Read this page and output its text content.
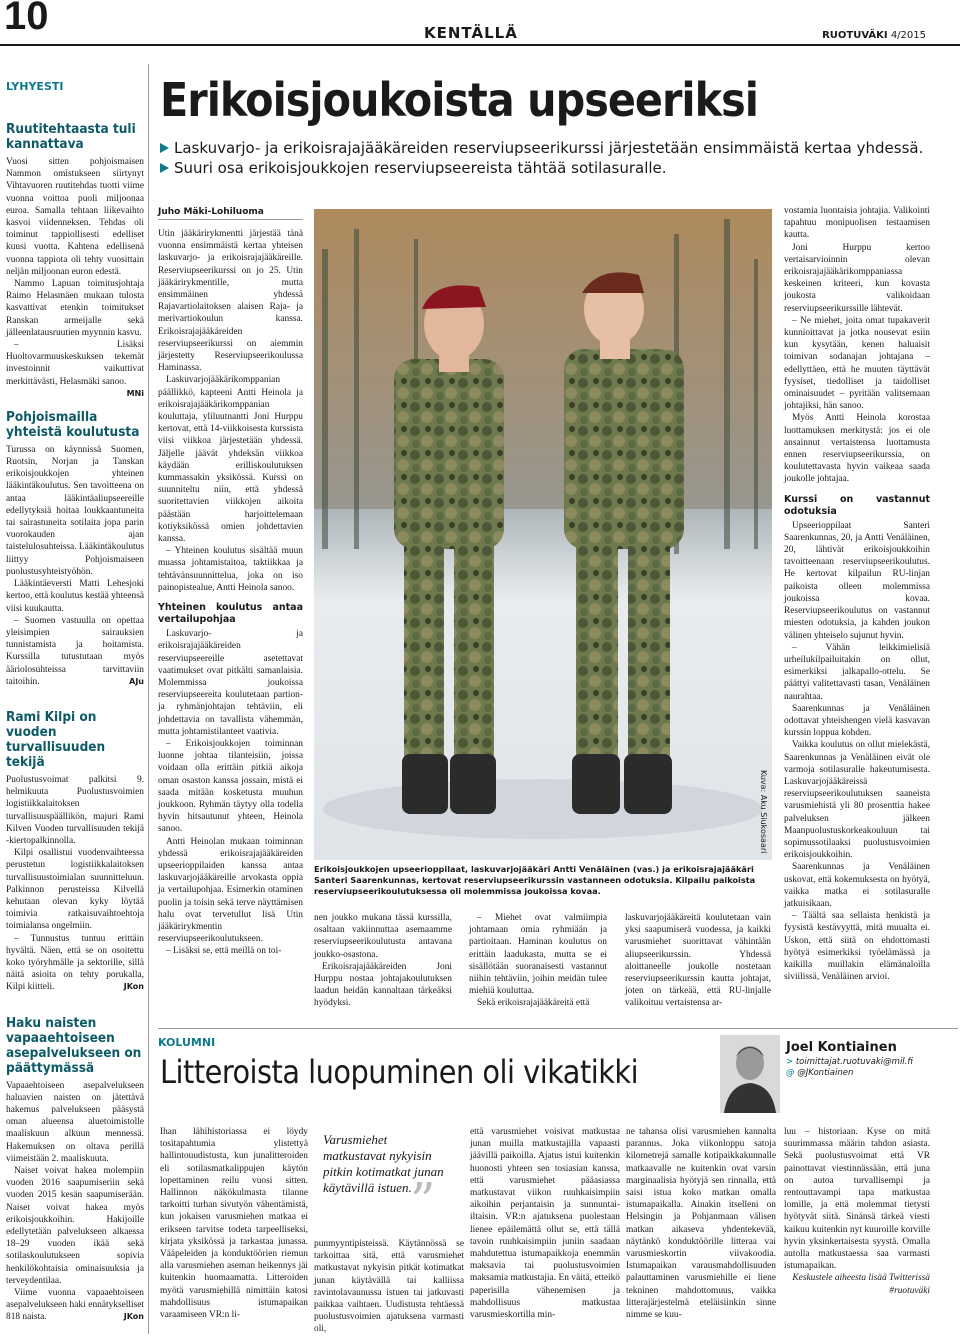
10	KENTÄLLÄ	RUOTUVÄKI 4/2015
LYHYESTI
Ruutitehtaasta tuli kannattava

Vuosi sitten pohjoismaisen Nammon omistukseen siirtynyt Vihtavuoren ruutitehdas tuotti viime vuonna voittoa puoli miljoonaa euroa. Samalla tehtaan liikevaihto kasvoi viidenneksen. Tehdas oli toiminut tappiollisesti edelliset kuusi vuotta. Kahtena edellisenä vuonna tappiota oli tehty vuosittain neljän miljoonan euron edestä.

Nammo Lapuan toimitusjohtaja Raimo Helasmäen mukaan tulosta kasvattivat etenkin toimitukset Ranskan armeijalle sekä jälleenlatausruutien myynnin kasvu.

– Lisäksi Huoltovarmuuskeskuksen tekemät investoinnit vaikuttivat merkittävästi, Helasmäki sanoo.
MNi

Pohjoismailla yhteistä koulutusta

Turussa on käynnissä Suomen, Ruotsin, Norjan ja Tanskan erikoisjoukkojen yhteinen lääkintäkoulutus. Sen tavoitteena on antaa lääkintäaliupseereille edellytyksiä hoitaa loukkaantuneita tai sairastuneita sotilaita jopa parin vuorokauden ajan taistelulosuhteissa. Lääkintäkoulutus liittyy Pohjoismaiseen puolustusyhteistyöhön.

Lääkintäeversti Matti Lehesjoki kertoo, että koulutus kestää yhteensä viisi kuukautta.

– Suomen vastuulla on opettaa yleisimpien sairauksien tunnistamista ja hoitamista. Kurssilla tutustutaan myös ääriolosuhteissa tarvittaviin taitoihin.	AJu

Rami Kilpi on vuoden turvallisuuden tekijä

Puolustusvoimat palkitsi 9. helmikuuta Puolustusvoimien logistiikkalaitoksen turvallisuuspäällikön, majuri Rami Kilven Vuoden turvallisuuden tekijä -kiertopalkinnolla.

Kilpi osallistui vuodenvaihteessa perustetun logistiikkalaitoksen turvallisuustoimialan suunnitteluun. Palkinnon perusteissa Kilvellä kehutaan olevan kyky löytää toimivia ratkaisuvaihtoehtoja toimialansa ongelmiin.

– Tunnustus tuntuu erittäin hyvältä. Näen, että se on osoitettu koko työryhmälle ja sektorille, sillä näitä asioita on tehty porukalla, Kilpi kiitteli.	JKon

Haku naisten vapaaehtoiseen asepalvelukseen on päättymässä

Vapaaehtoiseen asepalvelukseen haluavien naisten on jätettävä hakemus palvelukseen pääsystä oman alueensa aluetoimistolle maaliskuun alkuun mennessä. Hakemuksen on oltava perillä viimeistään 2. maaliskuuta.

Naiset voivat hakea molempiin vuoden 2016 saapumiseriin sekä vuoden 2015 kesän saapumiserään. Naiset voivat hakea myös erikoisjoukkoihin. Hakijoille edellytetään palvelukseen alkaessa 18–29 vuoden ikää sekä sotilaskoulutukseen sopivia henkilökohtaisia ominaisuuksia ja terveydentilaa.

Viime vuonna vapaaehtoiseen asepalvelukseen haki ennätykselliset 818 naista.	JKon

Erikoisjoukoista upseeriksi
Laskuvarjo- ja erikoisrajajääkäreiden reserviupseerikurssi järjestetään ensimmäistä kertaa yhdessä.
Suuri osa erikoisjoukkojen reserviupseereista tähtää sotilasuralle.
Juho Mäki-Lohiluoma

Utin jääkärirykmentti järjestää tänä vuonna ensimmäistä kertaa yhteisen laskuvarjo- ja erikoisrajajääkäreille. Reserviupseerikurssi on jo 25. Utin jääkärirykmentille, mutta ensimmäinen yhdessä Rajavartiolaitoksen alaisen Raja- ja merivartiokoulun kanssa. Erikoisrajajääkäreiden reserviupseerikurssi on aiemmin järjestetty Reserviupseerikoulussa Haminassa.

Laskuvarjojääkärikomppanian päällikkö, kapteeni Antti Heinola ja erikoisrajajääkärikomppanian kouluttaja, yliluutnantti Joni Hurppu kertovat, että 14-viikkoisesta kurssista viisi viikkoa järjestetään yhdessä. Jäljelle jäävät yhdeksän viikkoa käydään erilliskoulutuksen kummassakin yksikössä. Kurssi on suunniteltu niin, että yhdessä suoritettavien viikkojen aikoita päästään harjoittelemaan kotiyksikössä omien johdettavien kanssa.

– Yhteinen koulutus sisältää muun muassa johtamistaitoa, taktiikkaa ja tehtävänsuunnittelua, joka on iso painopistealue, Antti Heinola sanoo.

Yhteinen koulutus antaa vertailupohjaa

Laskuvarjo- ja erikoisrajajääkäreiden reserviupseereille asetettavat vaatimukset ovat pitkälti samanlaisia. Molemmissa joukoissa reserviupseereita koulutetaan partion- ja ryhmänjohtajan tehtäviin, eli johdettavia on tavallista vähemmän, mutta johtamistilanteet vaativia.

– Erikoisjoukkojen toiminnan luonne johtaa tilanteisiin, joissa voidaan olla erittäin pitkiä aikoja oman osaston kanssa jossain, mistä ei saada mitään kosketusta muuhun joukkoon. Ryhmän täytyy olla todella hyvin hitsautunut yhteen, Heinola sanoo.

Antti Heinolan mukaan toiminnan yhdessä erikoisrajajääkäreiden upseerioppilaiden kanssa antaa laskuvarjojääkäreille arvokasta oppia ja vertailupohjaa. Esimerkin otaminen puolin ja toisin sekä terve näyttämisen halu ovat tervetullut lisä Utin jääkärirykmentin reserviupseerikoulutukseen.

– Lisäksi se, että meillä on toi-

Kuva: Aku Siukosaari
Erikoisjoukkojen upseerioppilaat, laskuvarjojääkäri Antti Venäläinen (vas.) ja erikoisrajajääkäri Santeri Saarenkunnas, kertovat reserviupseerikurssin vastanneen odotuksia. Kilpailu paikoista reserviupseerikoulutuksessa oli molemmissa joukoissa kovaa.

nen joukko mukana tässä kurssilla, osaltaan vakiinnuttaa asemaamme reserviupseerikoulutusta antavana joukko-osastona.

Erikoisrajajääkäreiden Joni Hurppu nostaa johtajakoulutuksen laadun heidän kannaltaan tärkeäksi hyödyksi.

– Miehet ovat valmiimpia johtamaan omia ryhmiään ja partioitaan. Haminan koulutus on erittäin laadukasta, mutta se ei sisällötään suoranaisesti vastannut niihin tehtäviin, joihin meidän tulee miehiä kouluttaa.

Sekä erikoisrajajääkäreitä että

laskuvarjojääkäreitä koulutetaan vain yksi saapumiserä vuodessa, ja kaikki varusmiehet suorittavat vähintään aliupseerikurssin. Yhdessä aloittaneelle joukolle nostetaan reserviupseerikurssin kautta johtajat, joten on tärkeää, että RU-linjalle valikoituu vertaistensa ar-

vostamia luontaisia johtajia. Valikointi tapahtuu monipuolisen testaamisen kautta.

Joni Hurppu kertoo vertaisarvioinnin olevan erikoisrajajääkärikomppaniassa keskeinen kriteeri, kun kovasta joukosta valikoidaan reserviupseerikurssille lähtevät.

– Ne miehet, joita omat tupakaverit kunnioittavat ja jotka nousevat esiin kun kysytään, kenen haluaisit toimivan sodanajan johtajana – edellyttäen, että he muuten täyttävät fyysiset, tiedolliset ja taidolliset ominaisuudet – pyritään valitsemaan johtajiksi, hän sanoo.

Myös Antti Heinola korostaa luottamuksen merkitystä: jos ei ole ansainnut vertaistensa luottamusta ennen reserviupseerikurssia, on koulutettavasta hyvin vaikeaa saada joukolle johtajaa.

Kurssi on vastannut odotuksia

Upseerioppilaat Santeri Saarenkunnas, 20, ja Antti Venäläinen, 20, lähtivät erikoisjoukkoihin tavoitteenaan reserviupseerikoulutus. He kertovat kilpailun RU-linjan paikoista olleen molemmissa joukoissa kovaa. Reserviupseerikoulutus on vastannut miesten odotuksia, ja kahden joukon välinen yhteiselo sujunut hyvin.

– Vähän leikkimielisiä urheilukilpailuitakin on ollut, esimerkiksi jalkapallo-ottelu. Se päättyi valitettavasti tasan, Venäläinen naurahtaa.

Saarenkunnas ja Venäläinen odottavat yhteishengen vielä kasvavan kurssin loppua kohden.

Vaikka koulutus on ollut mielekästä, Saarenkunnas ja Venäläinen eivät ole varmoja sotilasuralle hakeutumisesta. Laskuvarjojääkäreissä reserviupseerikoulutuksen saaneista varusmiehistä yli 80 prosenttia hakee palveluksen jälkeen Maanpuolustuskorkeakouluun tai sopimussotilaaksi puolustusvoimien erikoisjoukkoihin.

Saarenkunnas ja Venäläinen uskovat, että kokemuksesta on hyötyä, vaikka matka ei sotilasuralle jatkuisikaan.

– Täältä saa sellaista henkistä ja fyysistä kestävyyttä, mitä muualta ei. Uskon, että siitä on ehdottomasti hyötyä esimerkiksi työelämässä ja kaikilla muillakin elämänaloilla siviilissä, Venäläinen arvioi.

KOLUMNI
Litteroista luopuminen oli vikatikki
Joel Kontiainen
> toimittajat.ruotuvaki@mil.fi
@ @JKontiainen

Ihan lähihistoriassa ei löydy tositapahtumia ylistettyä hallintouudistusta, kun junalitteroiden eli sotilasmatkalippujen käytön lopettaminen reilu vuosi sitten. Hallinnon näkökulmasta tilanne tarkoitti turhan sivutyön vähentämistä, kun jokaisen varusmiehen matkaa ei erikseen tarvitse todeta tarpeelliseksi, kirjata yksikössä ja tarkastaa junassa. Vääpeleiden ja konduktöörien riemun alla varusmiehen aseman heikennys jäi kuitenkin huomaamatta. Litteroiden myötä varusmiehillä nimittäin katosi mahdollisuus istumapaikan varaamiseen VR:n li-

Varusmiehet matkustavat nykyisin pitkin kotimatkat junan käytävillä istuen.
”

punmyyntipisteissä. Käytännössä se tarkoittaa sitä, että varusmiehet matkustavat nykyisin pitkät kotimatkat junan käytävällä tai kalliissa ravintolavaunussa istuen tai jatkuvasti paikkaa vaihtaen. Uudistusta tehtäessä puolustusvoimien ajatuksena varmasti oli,

että varusmiehet voisivat matkustaa junan muilla matkustajilla vapaasti jäävillä paikoilla. Ajatus istui kuitenkin huonosti yhteen sen tosiasian kanssa, että varusmiehet pääasiassa matkustavat viikon ruuhkaisimpiin aikoihin perjantaisin ja sunnuntai-iltaisin. VR:n ajatuksena puolestaan lienee epäilemättä ollut se, että tällä tavoin ruuhkaisimpiin juniin saadaan mahdutettua istumapaikkoja enemmän maksavia tai puolustusvoimien maksamia matkustajia. En väitä, etteikö paperisilla vähenemisen ja mahdollisuus matkustaa varusmieskortilla min-

ne tahansa olisi varusmiehen kannalta parannus. Joka viikonloppu satoja kilometrejä samalle kotipaikkakunnalle matkaavalle ne kuitenkin ovat varsin marginaalisia hyötyjä sen rinnalla, että saisi istua koko matkan omalla istumapaikalla. Ainakin itselleni on Helsingin ja Pohjanmaan välisen matkan aikaseva yhdentekevää, näytänkö konduktöörille litteraa vai varusmieskortin viivakoodia. Istumapaikan varausmahdollisuuden palauttaminen varusmiehille ei liene tekninen mahdottomuus, vaikka litterajärjestelmä eteläisiinkin sinne nimme se kuu-

luu – historiaan. Kyse on mitä suurimmassa määrin tahdon asiasta. Sekä puolustusvoimat että VR painottavat viestinnässään, että juna on autoa turvallisempi ja rentouttavampi tapa matkustaa lomille, ja että molemmat tietysti hyötyvät siitä. Sinänsä tärkeä viesti kaikuu kuitenkin nyt kuuroille korville hyvin yksinkertaisesta syystä. Omalla autolla matkustaessa saa varmasti istumapaikan.

Keskustele aiheesta lisää Twitterissä #ruotuväki
